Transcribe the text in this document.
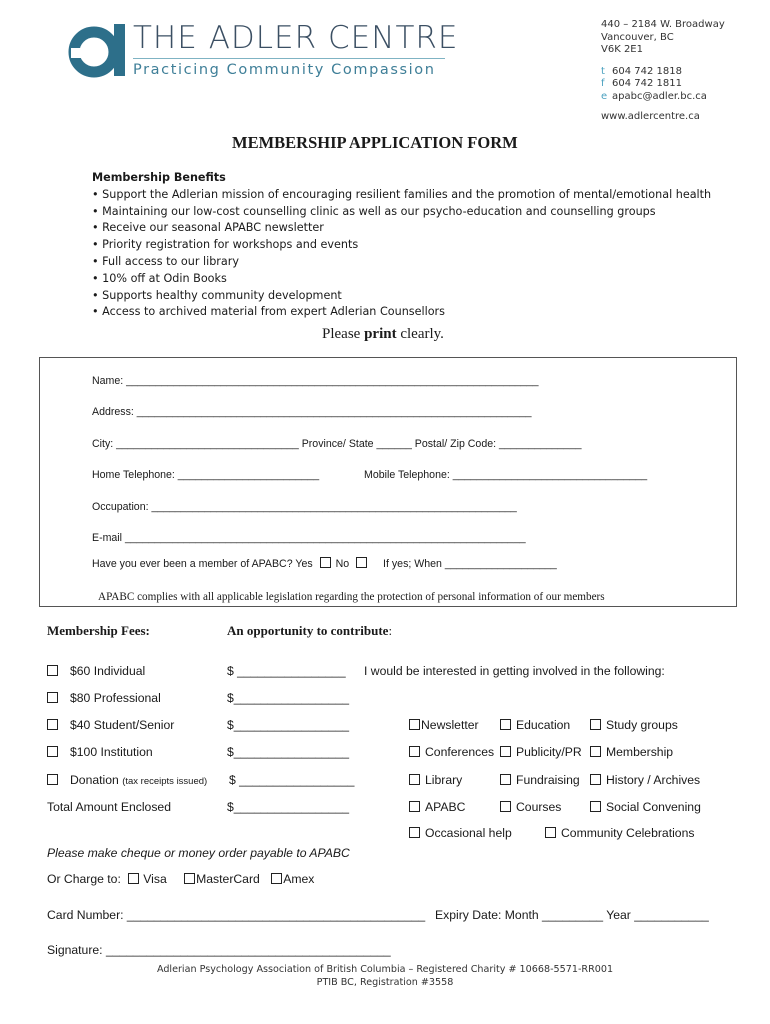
THE ADLER CENTRE
Practicing Community Compassion
440 – 2184 W. Broadway
Vancouver, BC
V6K 2E1
t 604 742 1818
f 604 742 1811
e apabc@adler.bc.ca
www.adlercentre.ca
MEMBERSHIP APPLICATION FORM
Membership Benefits
• Support the Adlerian mission of encouraging resilient families and the promotion of mental/emotional health
• Maintaining our low-cost counselling clinic as well as our psycho-education and counselling groups
• Receive our seasonal APABC newsletter
• Priority registration for workshops and events
• Full access to our library
• 10% off at Odin Books
• Supports healthy community development
• Access to archived material from expert Adlerian Counsellors
Please print clearly.
Name: ______________________________________________________________________
Address: ___________________________________________________________________
City: _______________________________ Province/ State ______ Postal/ Zip Code: ______________
Home Telephone: ________________________	Mobile Telephone: _________________________________
Occupation: ______________________________________________________________
E-mail ____________________________________________________________________
Have you ever been a member of APABC? Yes No	If yes; When ___________________
APABC complies with all applicable legislation regarding the protection of personal information of our members
Membership Fees:	An opportunity to contribute:
$60 Individual	$ ________________
$80 Professional	$_________________
$40 Student/Senior	$_________________
$100 Institution	$_________________
Donation (tax receipts issued) $ _________________
Total Amount Enclosed	$_________________
I would be interested in getting involved in the following:
Newsletter	Education	Study groups
Conferences	Publicity/PR	Membership
Library	Fundraising	History / Archives
APABC	Courses	Social Convening
Occasional help	Community Celebrations
Please make cheque or money order payable to APABC
Or Charge to: Visa MasterCard Amex
Card Number: ____________________________________________ Expiry Date: Month _________ Year ___________
Signature: __________________________________________
Adlerian Psychology Association of British Columbia – Registered Charity # 10668-5571-RR001
PTIB BC, Registration #3558
